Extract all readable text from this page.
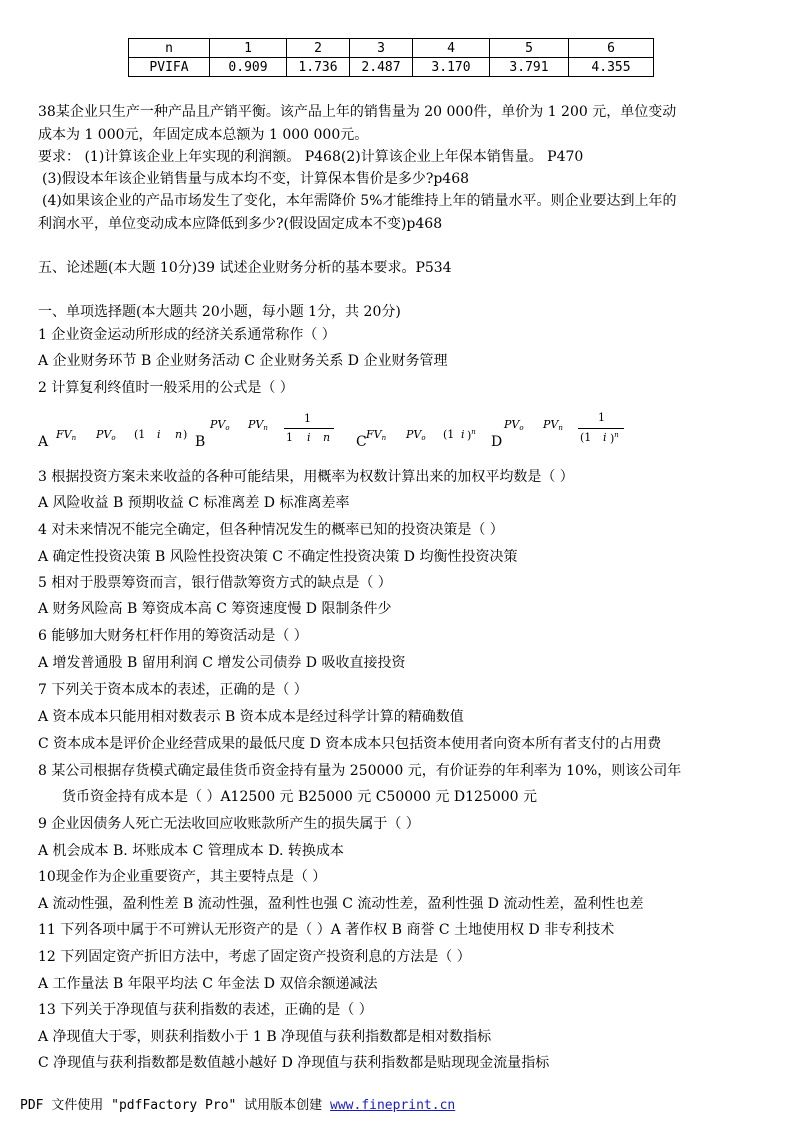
n	1	2	3	4	5	6
PVIFA	0.909	1.736	2.487	3.170	3.791	4.355
38某企业只生产一种产品且产销平衡。该产品上年的销售量为 20 000件，单价为 1 200 元，单位变动
成本为 1 000元，年固定成本总额为 1 000 000元。
要求： (1)计算该企业上年实现的利润额。 P468(2)计算该企业上年保本销售量。 P470
(3)假设本年该企业销售量与成本均不变，计算保本售价是多少?p468
(4)如果该企业的产品市场发生了变化，本年需降价 5%才能维持上年的销量水平。则企业要达到上年的
利润水平，单位变动成本应降低到多少?(假设固定成本不变)p468
五、论述题(本大题 10分)39 试述企业财务分析的基本要求。P534
一、单项选择题(本大题共 20小题，每小题 1分，共 20分)
1 企业资金运动所形成的经济关系通常称作（ ）
A 企业财务环节 B 企业财务活动 C 企业财务关系 D 企业财务管理
2 计算复利终值时一般采用的公式是（ ）
A $FV_n$ $PV_o$ (1 i n ) B
$PV_o$ $PV_n$
1
1 i n C $FV_n$ $PV_o$ (1 i )$^n$
D
$PV_o$ $PV_n$
1
(1 i )$^n$
3 根据投资方案未来收益的各种可能结果，用概率为权数计算出来的加权平均数是（ ）
A 风险收益 B 预期收益 C 标准离差 D 标准离差率
4 对未来情况不能完全确定，但各种情况发生的概率已知的投资决策是（ ）
A 确定性投资决策 B 风险性投资决策 C 不确定性投资决策 D 均衡性投资决策
5 相对于股票筹资而言，银行借款筹资方式的缺点是（ ）
A 财务风险高 B 筹资成本高 C 筹资速度慢 D 限制条件少
6 能够加大财务杠杆作用的筹资活动是（ ）
A 增发普通股 B 留用利润 C 增发公司债券 D 吸收直接投资
7 下列关于资本成本的表述，正确的是（ ）
A 资本成本只能用相对数表示 B 资本成本是经过科学计算的精确数值
C 资本成本是评价企业经营成果的最低尺度 D 资本成本只包括资本使用者向资本所有者支付的占用费
8 某公司根据存货模式确定最佳货币资金持有量为 250000 元，有价证券的年利率为 10%，则该公司年
货币资金持有成本是（ ）A12500 元 B25000 元 C50000 元 D125000 元
9 企业因债务人死亡无法收回应收账款所产生的损失属于（ ）
A 机会成本 B. 坏账成本 C 管理成本 D. 转换成本
10现金作为企业重要资产，其主要特点是（ ）
A 流动性强，盈利性差 B 流动性强，盈利性也强 C 流动性差，盈利性强 D 流动性差，盈利性也差
11 下列各项中属于不可辨认无形资产的是（ ）A 著作权 B 商誉 C 土地使用权 D 非专利技术
12 下列固定资产折旧方法中，考虑了固定资产投资利息的方法是（ ）
A 工作量法 B 年限平均法 C 年金法 D 双倍余额递减法
13 下列关于净现值与获利指数的表述，正确的是（ ）
A 净现值大于零，则获利指数小于 1 B 净现值与获利指数都是相对数指标
C 净现值与获利指数都是数值越小越好 D 净现值与获利指数都是贴现现金流量指标
PDF 文件使用 "pdfFactory Pro" 试用版本创建 www.fineprint.cn
